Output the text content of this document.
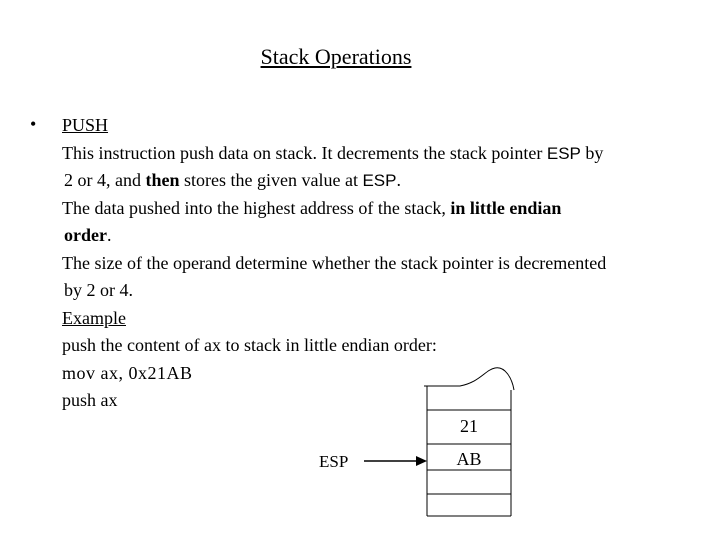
Stack Operations
• PUSH
This instruction push data on stack. It decrements the stack pointer ESP by
2 or 4, and then stores the given value at ESP.
The data pushed into the highest address of the stack, in little endian
order.
The size of the operand determine whether the stack pointer is decremented
by 2 or 4.
Example
push the content of ax to stack in little endian order:
mov ax, 0x21AB
push ax
21
AB
ESP
